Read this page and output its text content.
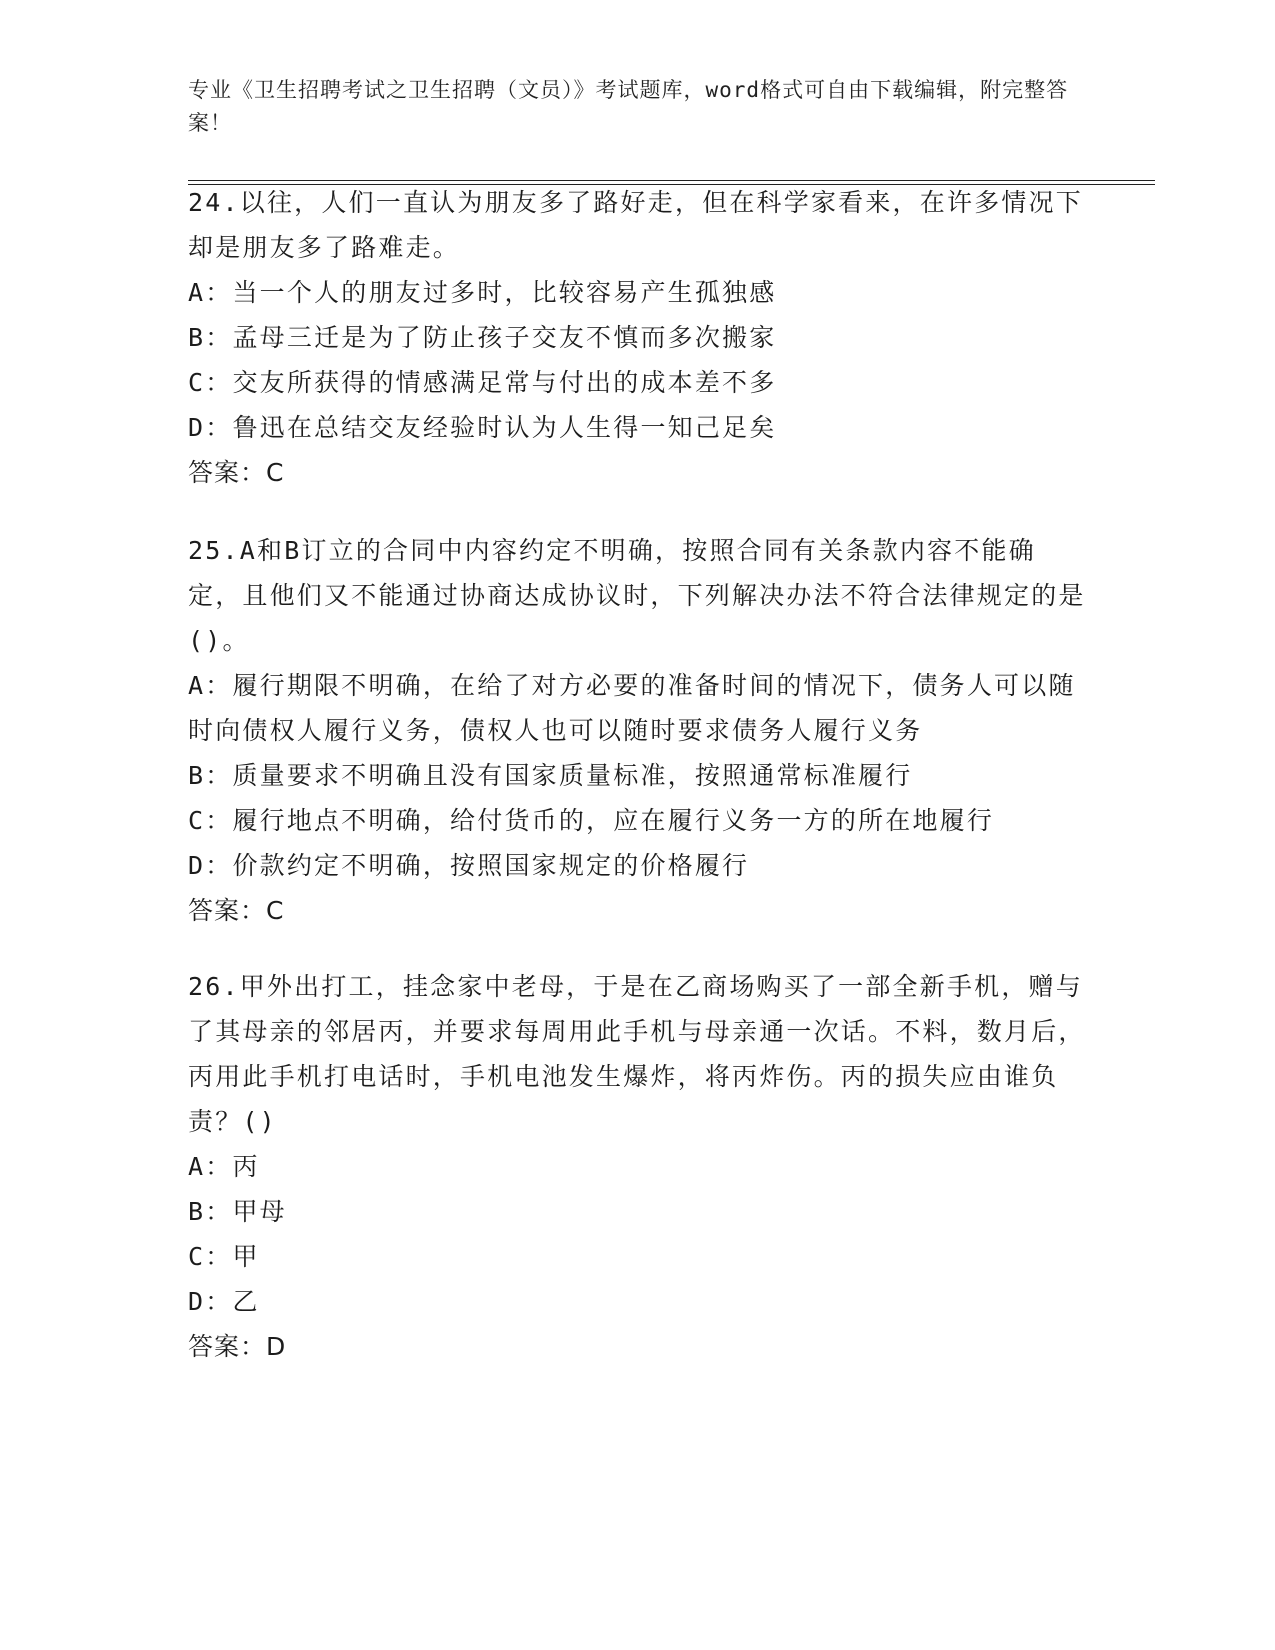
专业《卫生招聘考试之卫生招聘（文员）》考试题库，word格式可自由下载编辑，附完整答案！

24.以往，人们一直认为朋友多了路好走，但在科学家看来，在许多情况下却是朋友多了路难走。

A：当一个人的朋友过多时，比较容易产生孤独感

B：孟母三迁是为了防止孩子交友不慎而多次搬家

C：交友所获得的情感满足常与付出的成本差不多

D：鲁迅在总结交友经验时认为人生得一知己足矣

答案：C

25.A和B订立的合同中内容约定不明确，按照合同有关条款内容不能确定，且他们又不能通过协商达成协议时，下列解决办法不符合法律规定的是()。

A：履行期限不明确，在给了对方必要的准备时间的情况下，债务人可以随时向债权人履行义务，债权人也可以随时要求债务人履行义务

B：质量要求不明确且没有国家质量标准，按照通常标准履行

C：履行地点不明确，给付货币的，应在履行义务一方的所在地履行

D：价款约定不明确，按照国家规定的价格履行

答案：C

26.甲外出打工，挂念家中老母，于是在乙商场购买了一部全新手机，赠与了其母亲的邻居丙，并要求每周用此手机与母亲通一次话。不料，数月后，丙用此手机打电话时，手机电池发生爆炸，将丙炸伤。丙的损失应由谁负责？()

A：丙

B：甲母

C：甲

D：乙

答案：D
